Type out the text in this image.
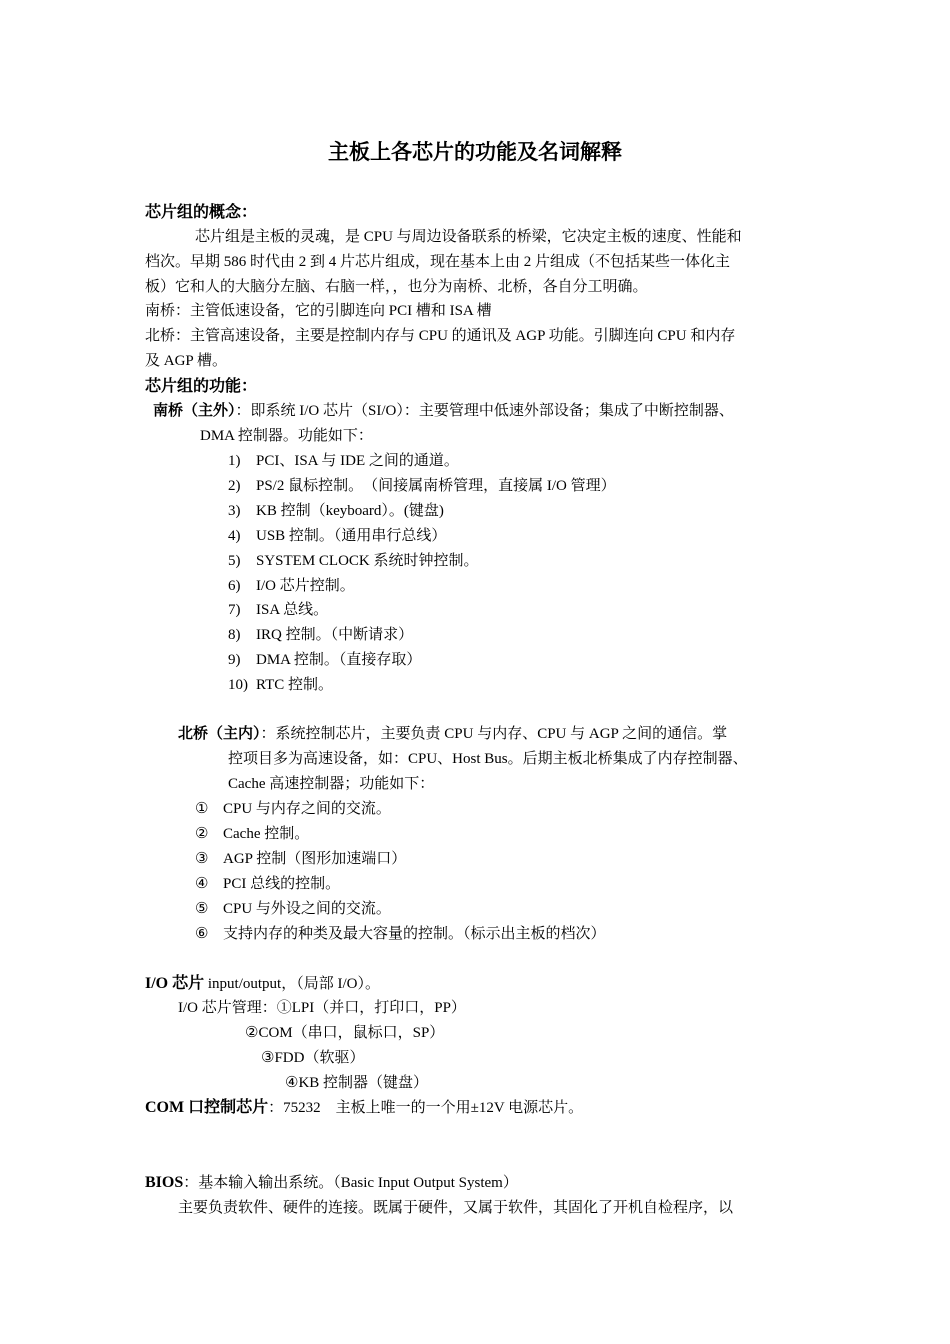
主板上各芯片的功能及名词解释
芯片组的概念：
芯片组是主板的灵魂，是 CPU 与周边设备联系的桥梁，它决定主板的速度、性能和
档次。早期 586 时代由 2 到 4 片芯片组成，现在基本上由 2 片组成（不包括某些一体化主
板）它和人的大脑分左脑、右脑一样，，也分为南桥、北桥，各自分工明确。
南桥：主管低速设备，它的引脚连向 PCI 槽和 ISA 槽
北桥：主管高速设备，主要是控制内存与 CPU 的通讯及 AGP 功能。引脚连向 CPU 和内存
及 AGP 槽。
芯片组的功能：
南桥（主外）：即系统 I/O 芯片（SI/O）：主要管理中低速外部设备；集成了中断控制器、
DMA 控制器。功能如下：
1) PCI、ISA 与 IDE 之间的通道。
2) PS/2 鼠标控制。　（间接属南桥管理，直接属 I/O 管理）
3) KB 控制（keyboard）。(键盘)
4) USB 控制。（通用串行总线）
5) SYSTEM CLOCK 系统时钟控制。
6) I/O 芯片控制。
7) ISA 总线。
8) IRQ 控制。（中断请求）
9) DMA 控制。（直接存取）
10) RTC 控制。
北桥（主内）：系统控制芯片，主要负责 CPU 与内存、CPU 与 AGP 之间的通信。掌
控项目多为高速设备，如：CPU、Host Bus。后期主板北桥集成了内存控制器、
Cache 高速控制器；功能如下：
① CPU 与内存之间的交流。
② Cache 控制。
③ AGP 控制（图形加速端口）
④ PCI 总线的控制。
⑤ CPU 与外设之间的交流。
⑥ 支持内存的种类及最大容量的控制。（标示出主板的档次）
I/O 芯片 input/output，（局部 I/O）。
I/O 芯片管理：①LPI（并口，打印口，PP）
②COM（串口，鼠标口，SP）
③FDD（软驱）
④KB 控制器（键盘）
COM 口控制芯片：75232　主板上唯一的一个用±12V 电源芯片。
BIOS：基本输入输出系统。（Basic Input Output System）
主要负责软件、硬件的连接。既属于硬件，又属于软件，其固化了开机自检程序，以
